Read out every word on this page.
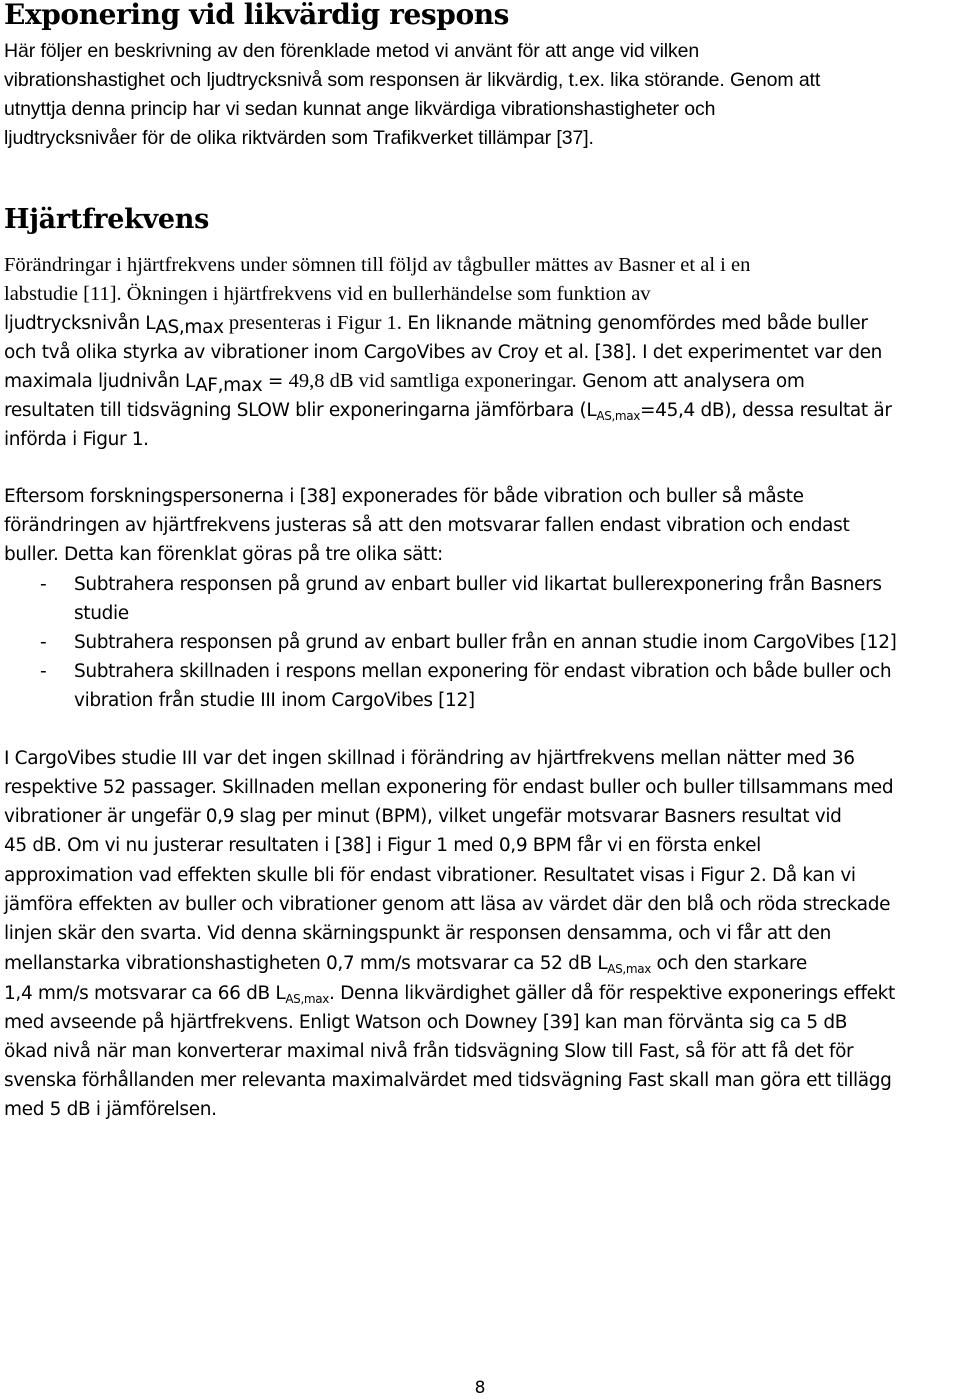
Exponering vid likvärdig respons
Här följer en beskrivning av den förenklade metod vi använt för att ange vid vilken
vibrationshastighet och ljudtrycksnivå som responsen är likvärdig, t.ex. lika störande. Genom att
utnyttja denna princip har vi sedan kunnat ange likvärdiga vibrationshastigheter och
ljudtrycksnivåer för de olika riktvärden som Trafikverket tillämpar [37].
Hjärtfrekvens
Förändringar i hjärtfrekvens under sömnen till följd av tågbuller mättes av Basner et al i en
labstudie [11]. Ökningen i hjärtfrekvens vid en bullerhändelse som funktion av
ljudtrycksnivån $L_{AS,max}$ presenteras i Figur 1. En liknande mätning genomfördes med både buller
och två olika styrka av vibrationer inom CargoVibes av Croy et al. [38]. I det experimentet var den
maximala ljudnivån $L_{AF,max} = 49,8$ dB vid samtliga exponeringar. Genom att analysera om
resultaten till tidsvägning SLOW blir exponeringarna jämförbara ($L_{AS,max}=45,4$ dB), dessa resultat är
införda i Figur 1.
Eftersom forskningspersonerna i [38] exponerades för både vibration och buller så måste
förändringen av hjärtfrekvens justeras så att den motsvarar fallen endast vibration och endast
buller. Detta kan förenklat göras på tre olika sätt:
- Subtrahera responsen på grund av enbart buller vid likartat bullerexponering från Basners
studie
- Subtrahera responsen på grund av enbart buller från en annan studie inom CargoVibes [12]
- Subtrahera skillnaden i respons mellan exponering för endast vibration och både buller och
vibration från studie III inom CargoVibes [12]
I CargoVibes studie III var det ingen skillnad i förändring av hjärtfrekvens mellan nätter med 36
respektive 52 passager. Skillnaden mellan exponering för endast buller och buller tillsammans med
vibrationer är ungefär 0,9 slag per minut (BPM), vilket ungefär motsvarar Basners resultat vid
45 dB. Om vi nu justerar resultaten i [38] i Figur 1 med 0,9 BPM får vi en första enkel
approximation vad effekten skulle bli för endast vibrationer. Resultatet visas i Figur 2. Då kan vi
jämföra effekten av buller och vibrationer genom att läsa av värdet där den blå och röda streckade
linjen skär den svarta. Vid denna skärningspunkt är responsen densamma, och vi får att den
mellanstarka vibrationshastigheten 0,7 mm/s motsvarar ca 52 dB $L_{AS,max}$ och den starkare
1,4 mm/s motsvarar ca 66 dB $L_{AS,max}$. Denna likvärdighet gäller då för respektive exponerings effekt
med avseende på hjärtfrekvens. Enligt Watson och Downey [39] kan man förvänta sig ca 5 dB
ökad nivå när man konverterar maximal nivå från tidsvägning Slow till Fast, så för att få det för
svenska förhållanden mer relevanta maximalvärdet med tidsvägning Fast skall man göra ett tillägg
med 5 dB i jämförelsen.
8
